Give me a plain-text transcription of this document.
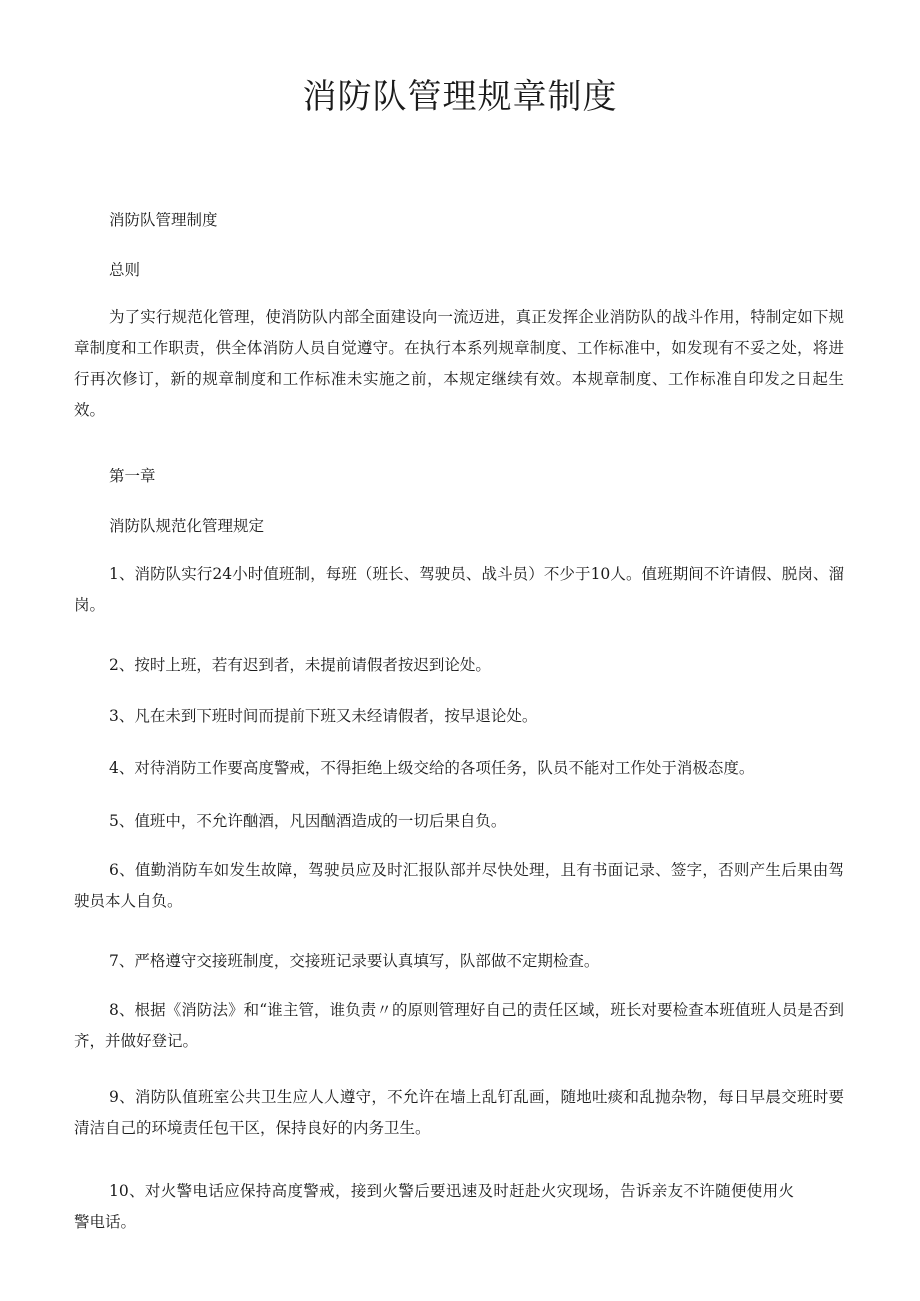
消防队管理规章制度

消防队管理制度

总则

为了实行规范化管理，使消防队内部全面建设向一流迈进，真正发挥企业消防队的战斗作用，特制定如下规章制度和工作职责，供全体消防人员自觉遵守。在执行本系列规章制度、工作标准中，如发现有不妥之处，将进行再次修订，新的规章制度和工作标准未实施之前，本规定继续有效。本规章制度、工作标准自印发之日起生效。

第一章

消防队规范化管理规定

1、消防队实行24小时值班制，每班（班长、驾驶员、战斗员）不少于10人。值班期间不许请假、脱岗、溜岗。

2、按时上班，若有迟到者，未提前请假者按迟到论处。

3、凡在未到下班时间而提前下班又未经请假者，按早退论处。

4、对待消防工作要高度警戒，不得拒绝上级交给的各项任务，队员不能对工作处于消极态度。

5、值班中，不允许酗酒，凡因酗酒造成的一切后果自负。

6、值勤消防车如发生故障，驾驶员应及时汇报队部并尽快处理，且有书面记录、签字，否则产生后果由驾驶员本人自负。

7、严格遵守交接班制度，交接班记录要认真填写，队部做不定期检查。

8、根据《消防法》和“谁主管，谁负责〃的原则管理好自己的责任区域，班长对要检查本班值班人员是否到齐，并做好登记。

9、消防队值班室公共卫生应人人遵守，不允许在墙上乱钉乱画，随地吐痰和乱抛杂物，每日早晨交班时要清洁自己的环境责任包干区，保持良好的内务卫生。

10、对火警电话应保持高度警戒，接到火警后要迅速及时赶赴火灾现场，告诉亲友不许随便使用火警电话。
